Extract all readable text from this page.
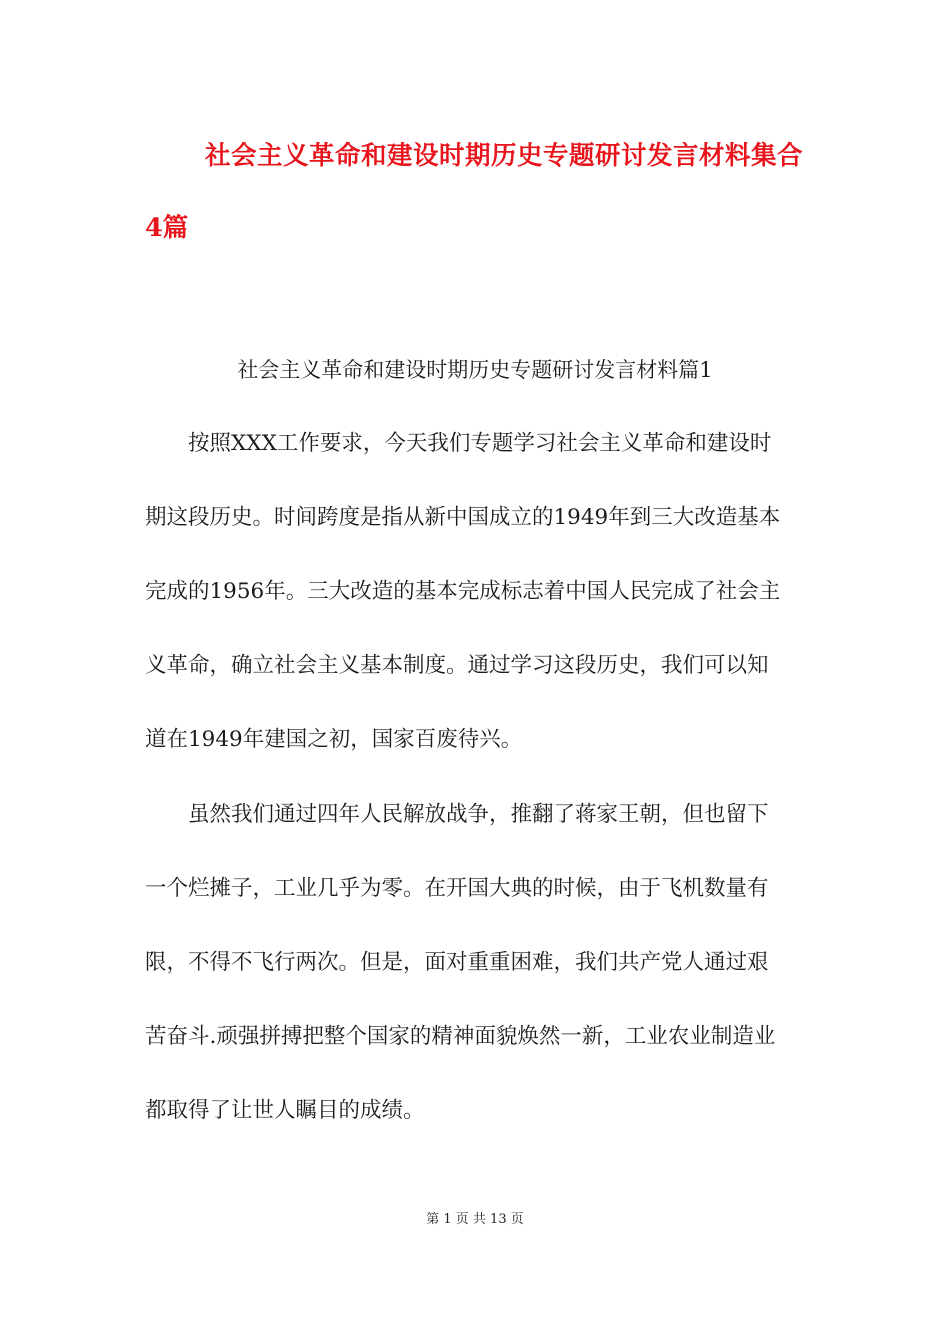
社会主义革命和建设时期历史专题研讨发言材料集合
4篇
社会主义革命和建设时期历史专题研讨发言材料篇1
按照XXX工作要求，今天我们专题学习社会主义革命和建设时
期这段历史。时间跨度是指从新中国成立的1949年到三大改造基本
完成的1956年。三大改造的基本完成标志着中国人民完成了社会主
义革命，确立社会主义基本制度。通过学习这段历史，我们可以知
道在1949年建国之初，国家百废待兴。
虽然我们通过四年人民解放战争，推翻了蒋家王朝，但也留下
一个烂摊子，工业几乎为零。在开国大典的时候，由于飞机数量有
限，不得不飞行两次。但是，面对重重困难，我们共产党人通过艰
苦奋斗.顽强拼搏把整个国家的精神面貌焕然一新，工业农业制造业
都取得了让世人瞩目的成绩。
第 1 页 共 13 页
